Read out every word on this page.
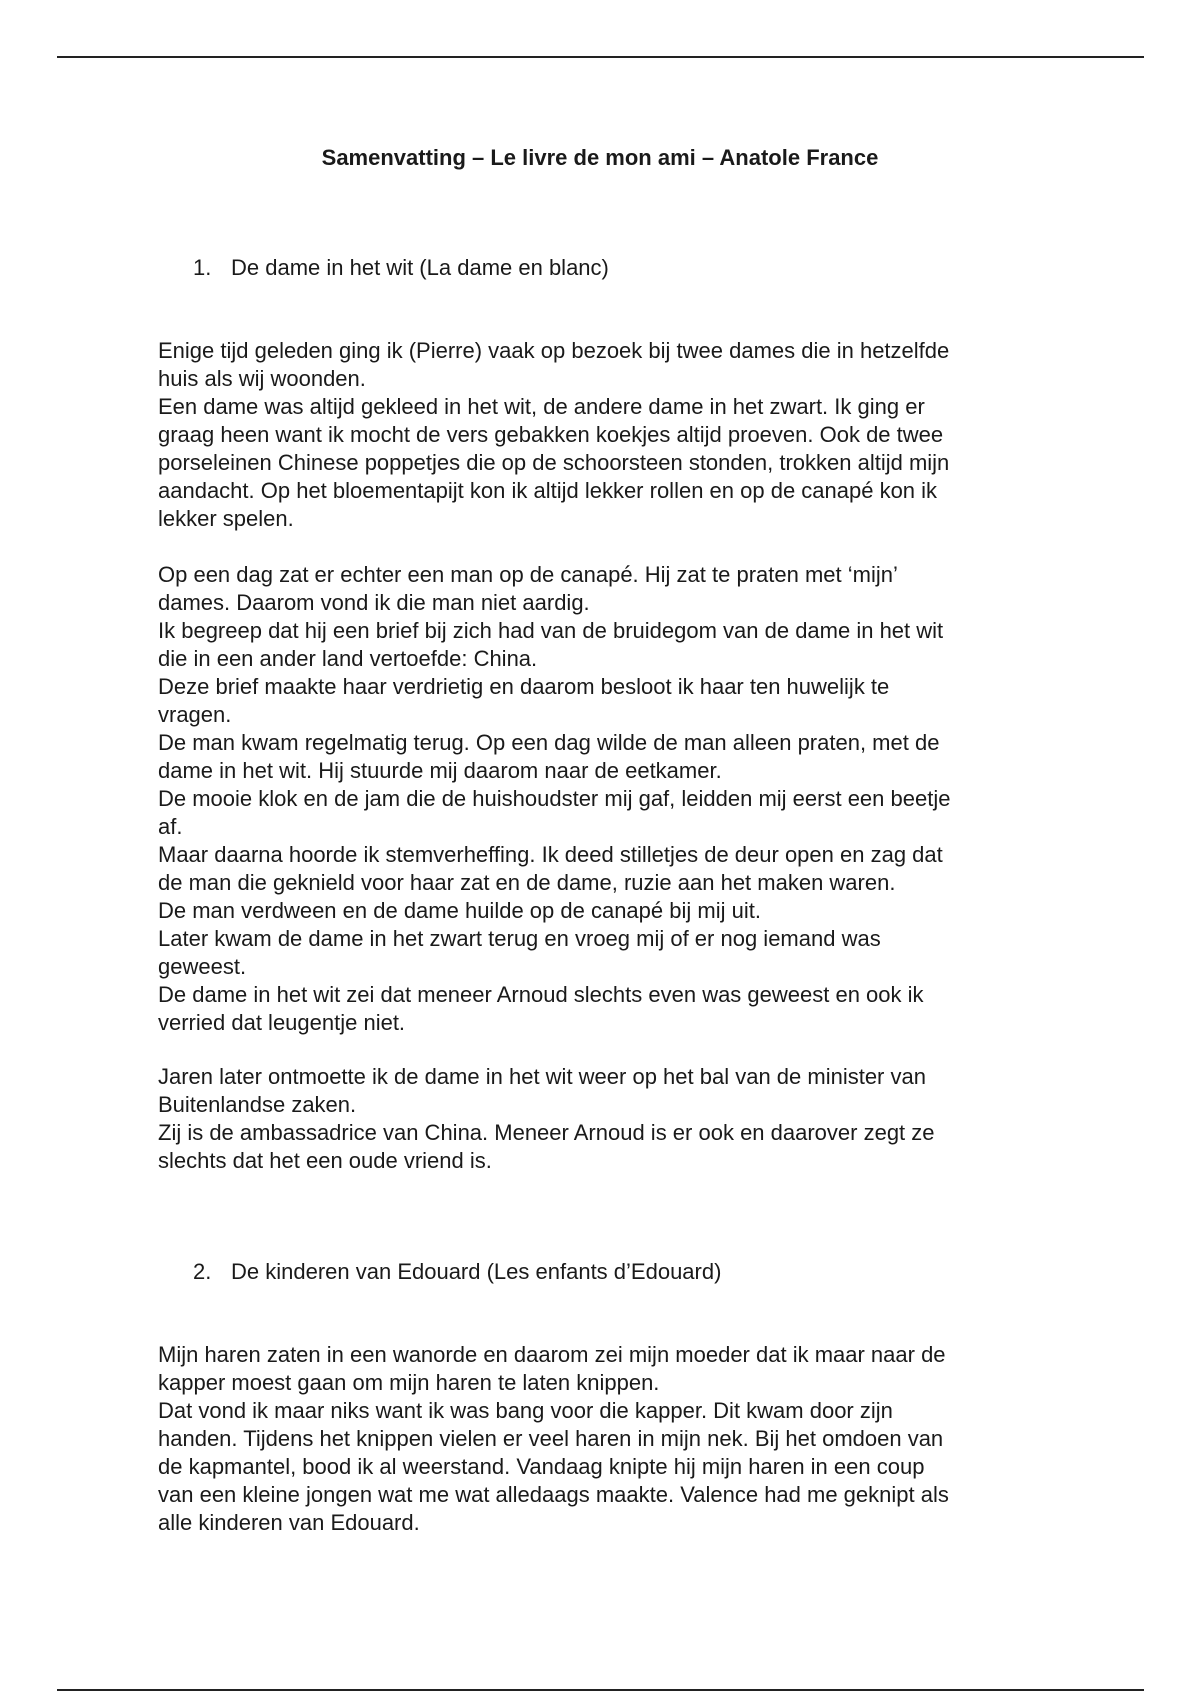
Samenvatting – Le livre de mon ami – Anatole France
1. De dame in het wit (La dame en blanc)
Enige tijd geleden ging ik (Pierre) vaak op bezoek bij twee dames die in hetzelfde
huis als wij woonden.
Een dame was altijd gekleed in het wit, de andere dame in het zwart. Ik ging er
graag heen want ik mocht de vers gebakken koekjes altijd proeven. Ook de twee
porseleinen Chinese poppetjes die op de schoorsteen stonden, trokken altijd mijn
aandacht. Op het bloementapijt kon ik altijd lekker rollen en op de canapé kon ik
lekker spelen.
Op een dag zat er echter een man op de canapé. Hij zat te praten met ‘mijn’
dames. Daarom vond ik die man niet aardig.
Ik begreep dat hij een brief bij zich had van de bruidegom van de dame in het wit
die in een ander land vertoefde: China.
Deze brief maakte haar verdrietig en daarom besloot ik haar ten huwelijk te
vragen.
De man kwam regelmatig terug. Op een dag wilde de man alleen praten, met de
dame in het wit. Hij stuurde mij daarom naar de eetkamer.
De mooie klok en de jam die de huishoudster mij gaf, leidden mij eerst een beetje
af.
Maar daarna hoorde ik stemverheffing. Ik deed stilletjes de deur open en zag dat
de man die geknield voor haar zat en de dame, ruzie aan het maken waren.
De man verdween en de dame huilde op de canapé bij mij uit.
Later kwam de dame in het zwart terug en vroeg mij of er nog iemand was
geweest.
De dame in het wit zei dat meneer Arnoud slechts even was geweest en ook ik
verried dat leugentje niet.
Jaren later ontmoette ik de dame in het wit weer op het bal van de minister van
Buitenlandse zaken.
Zij is de ambassadrice van China. Meneer Arnoud is er ook en daarover zegt ze
slechts dat het een oude vriend is.
2. De kinderen van Edouard (Les enfants d’Edouard)
Mijn haren zaten in een wanorde en daarom zei mijn moeder dat ik maar naar de
kapper moest gaan om mijn haren te laten knippen.
Dat vond ik maar niks want ik was bang voor die kapper. Dit kwam door zijn
handen. Tijdens het knippen vielen er veel haren in mijn nek. Bij het omdoen van
de kapmantel, bood ik al weerstand. Vandaag knipte hij mijn haren in een coup
van een kleine jongen wat me wat alledaags maakte. Valence had me geknipt als
alle kinderen van Edouard.
